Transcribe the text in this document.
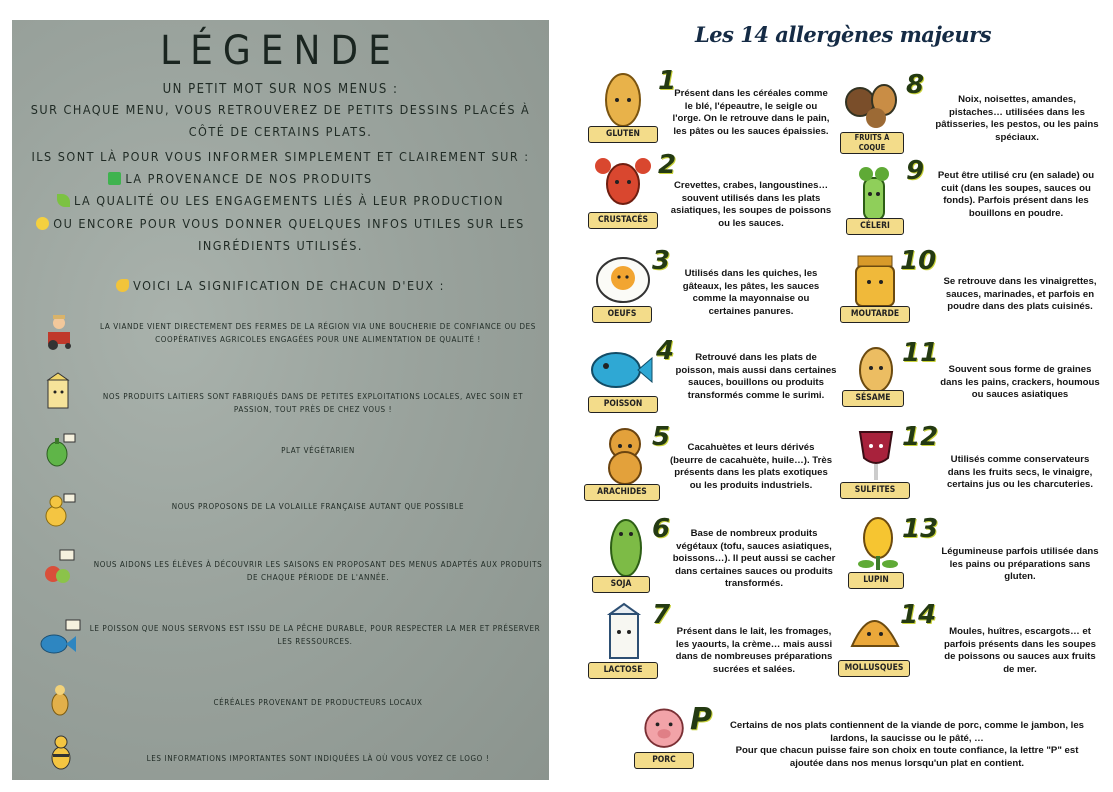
LÉGENDE
UN PETIT MOT SUR NOS MENUS :
SUR CHAQUE MENU, VOUS RETROUVEREZ DE PETITS DESSINS PLACÉS À
CÔTÉ DE CERTAINS PLATS.
ILS SONT LÀ POUR VOUS INFORMER SIMPLEMENT ET CLAIREMENT SUR :
LA PROVENANCE DE NOS PRODUITS
LA QUALITÉ OU LES ENGAGEMENTS LIÉS À LEUR PRODUCTION
OU ENCORE POUR VOUS DONNER QUELQUES INFOS UTILES SUR LES
INGRÉDIENTS UTILISÉS.
VOICI LA SIGNIFICATION DE CHACUN D'EUX :
LA VIANDE VIENT DIRECTEMENT DES FERMES DE LA RÉGION VIA UNE BOUCHERIE DE CONFIANCE OU DES
COOPÉRATIVES AGRICOLES ENGAGÉES POUR UNE ALIMENTATION DE QUALITÉ !
NOS PRODUITS LAITIERS SONT FABRIQUÉS DANS DE PETITES EXPLOITATIONS LOCALES, AVEC SOIN ET
PASSION, TOUT PRÈS DE CHEZ VOUS !
PLAT VÉGÉTARIEN
NOUS PROPOSONS DE LA VOLAILLE FRANÇAISE AUTANT QUE POSSIBLE
NOUS AIDONS LES ÉLÈVES À DÉCOUVRIR LES SAISONS EN PROPOSANT DES MENUS ADAPTÉS AUX PRODUITS
DE CHAQUE PÉRIODE DE L'ANNÉE.
LE POISSON QUE NOUS SERVONS EST ISSU DE LA PÊCHE DURABLE, POUR RESPECTER LA MER ET PRÉSERVER
LES RESSOURCES.
CÉRÉALES PROVENANT DE PRODUCTEURS LOCAUX
LES INFORMATIONS IMPORTANTES SONT INDIQUÉES LÀ OÙ VOUS VOYEZ CE LOGO !
Les 14 allergènes majeurs
GLUTEN
1
Présent dans les céréales comme
le blé, l'épeautre, le seigle ou
l'orge. On le retrouve dans le pain,
les pâtes ou les sauces épaissies.
CRUSTACÉS
2
Crevettes, crabes, langoustines…
souvent utilisés dans les plats
asiatiques, les soupes de poissons
ou les sauces.
OEUFS
3	Utilisés dans les quiches, les
gâteaux, les pâtes, les sauces
comme la mayonnaise ou
certaines panures.
POISSON
4	Retrouvé dans les plats de
poisson, mais aussi dans certaines
sauces, bouillons ou produits
transformés comme le surimi.
ARACHIDES
5	Cacahuètes et leurs dérivés
(beurre de cacahuète, huile…). Très
présents dans les plats exotiques
ou les produits industriels.
SOJA
6	Base de nombreux produits
végétaux (tofu, sauces asiatiques,
boissons…). Il peut aussi se cacher
dans certaines sauces ou produits
transformés.
LACTOSE
7
Présent dans le lait, les fromages,
les yaourts, la crème… mais aussi
dans de nombreuses préparations
sucrées et salées.
FRUITS À COQUE
8	Noix, noisettes, amandes,
pistaches… utilisées dans les
pâtisseries, les pestos, ou les pains
spéciaux.
CÉLERI
9	Peut être utilisé cru (en salade) ou
cuit (dans les soupes, sauces ou
fonds). Parfois présent dans les
bouillons en poudre.
MOUTARDE
10
Se retrouve dans les vinaigrettes,
sauces, marinades, et parfois en
poudre dans des plats cuisinés.
SÉSAME
11
Souvent sous forme de graines
dans les pains, crackers, houmous
ou sauces asiatiques
SULFITES
12
Utilisés comme conservateurs
dans les fruits secs, le vinaigre,
certains jus ou les charcuteries.
LUPIN
13
Légumineuse parfois utilisée dans
les pains ou préparations sans
gluten.
MOLLUSQUES
14
Moules, huîtres, escargots… et
parfois présents dans les soupes
de poissons ou sauces aux fruits
de mer.
PORC
P	Certains de nos plats contiennent de la viande de porc, comme le jambon, les
lardons, la saucisse ou le pâté, …
Pour que chacun puisse faire son choix en toute confiance, la lettre "P" est
ajoutée dans nos menus lorsqu'un plat en contient.
